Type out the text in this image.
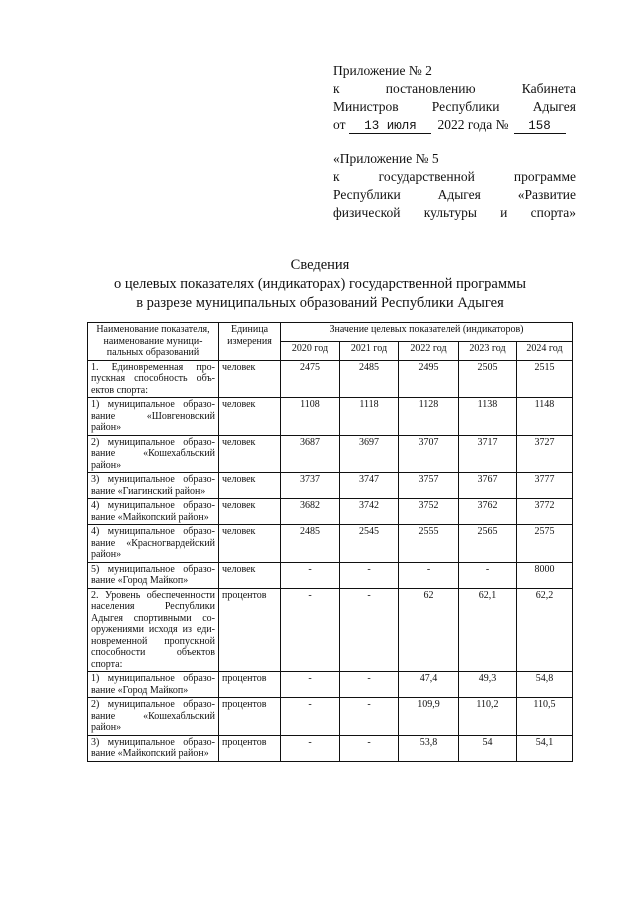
Приложение № 2
к постановлению Кабинета
Министров Республики Адыгея
от	13 июля	2022 года №	158
«Приложение № 5
к государственной программе
Республики Адыгея «Развитие
физической культуры и спорта»
Сведения
о целевых показателях (индикаторах) государственной программы
в разрезе муниципальных образований Республики Адыгея
Наименование показателя, наименование муници-пальных образований	Единица измерения	Значение целевых показателей (индикаторов)				
		2020 год	2021 год	2022 год	2023 год	2024 год
1. Единовременная про-пускная способность объ-ектов спорта:	человек	2475	2485	2495	2505	2515
1) муниципальное образо-вание «Шовгеновский район»	человек	1108	1118	1128	1138	1148
2) муниципальное образо-вание «Кошехабльский район»	человек	3687	3697	3707	3717	3727
3) муниципальное образо-вание «Гиагинский район»	человек	3737	3747	3757	3767	3777
4) муниципальное образо-вание «Майкопский район»	человек	3682	3742	3752	3762	3772
4) муниципальное образо-вание «Красногвардейский район»	человек	2485	2545	2555	2565	2575
5) муниципальное образо-вание «Город Майкоп»	человек	-	-	-	-	8000
2. Уровень обеспеченности населения Республики Адыгея спортивными со-оружениями исходя из еди-новременной пропускной способности объектов спорта:	процентов	-	-	62	62,1	62,2
1) муниципальное образо-вание «Город Майкоп»	процентов	-	-	47,4	49,3	54,8
2) муниципальное образо-вание «Кошехабльский район»	процентов	-	-	109,9	110,2	110,5
3) муниципальное образо-вание «Майкопский район»	процентов	-	-	53,8	54	54,1
